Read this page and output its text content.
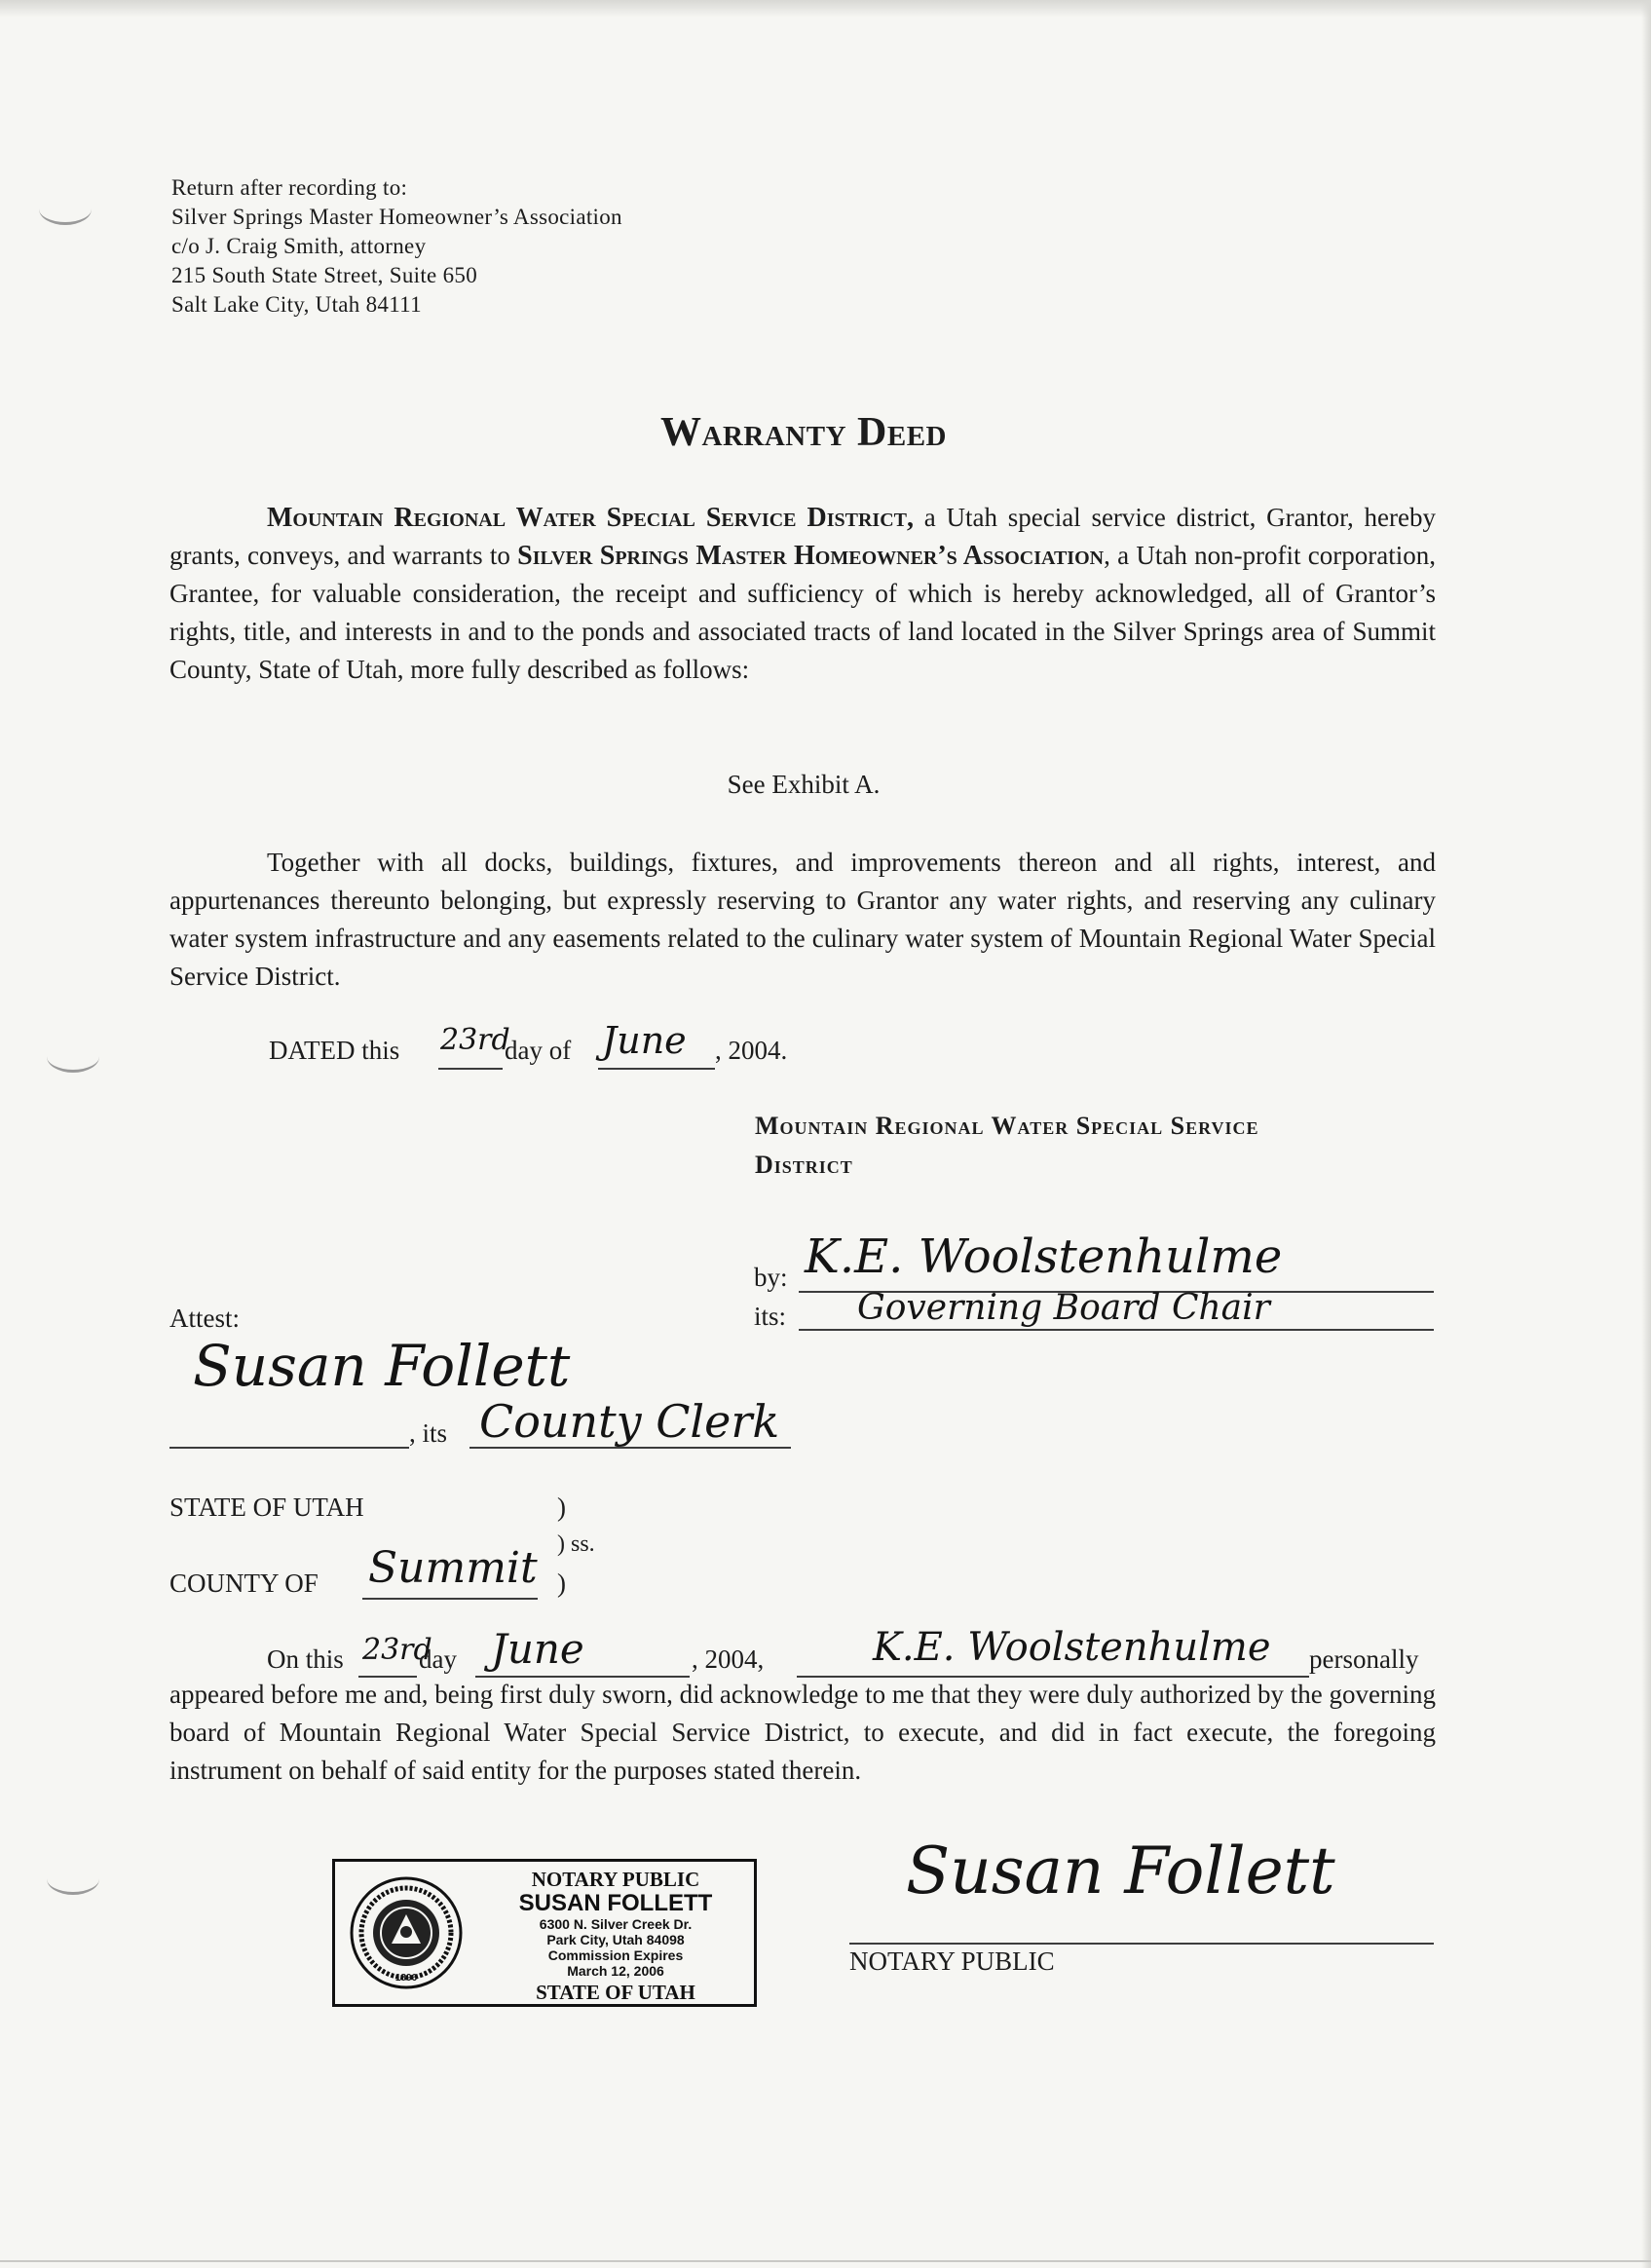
Return after recording to:
Silver Springs Master Homeowner’s Association
c/o J. Craig Smith, attorney
215 South State Street, Suite 650
Salt Lake City, Utah 84111
Warranty Deed
Mountain Regional Water Special Service District, a Utah special service district, Grantor, hereby grants, conveys, and warrants to Silver Springs Master Homeowner’s Association, a Utah non-profit corporation, Grantee, for valuable consideration, the receipt and sufficiency of which is hereby acknowledged, all of Grantor’s rights, title, and interests in and to the ponds and associated tracts of land located in the Silver Springs area of Summit County, State of Utah, more fully described as follows:
See Exhibit A.
Together with all docks, buildings, fixtures, and improvements thereon and all rights, interest, and appurtenances thereunto belonging, but expressly reserving to Grantor any water rights, and reserving any culinary water system infrastructure and any easements related to the culinary water system of Mountain Regional Water Special Service District.
DATED this 23rd
day of June , 2004.
Mountain Regional Water Special Service
District
by: K.E. Woolstenhulme
its: Governing Board Chair
Attest:
Susan Follett
, its County Clerk
STATE OF UTAH	)
) ss.
COUNTY OF Summit )
On this 23rd
day June	, 2004,	K.E. Woolstenhulme personally
appeared before me and, being first duly sworn, did acknowledge to me that they were duly authorized by the governing board of Mountain Regional Water Special Service District, to execute, and did in fact execute, the foregoing instrument on behalf of said entity for the purposes stated therein.
1896
NOTARY PUBLIC
SUSAN FOLLETT
6300 N. Silver Creek Dr.
Park City, Utah 84098
Commission Expires
March 12, 2006
STATE OF UTAH
Susan Follett
NOTARY PUBLIC
